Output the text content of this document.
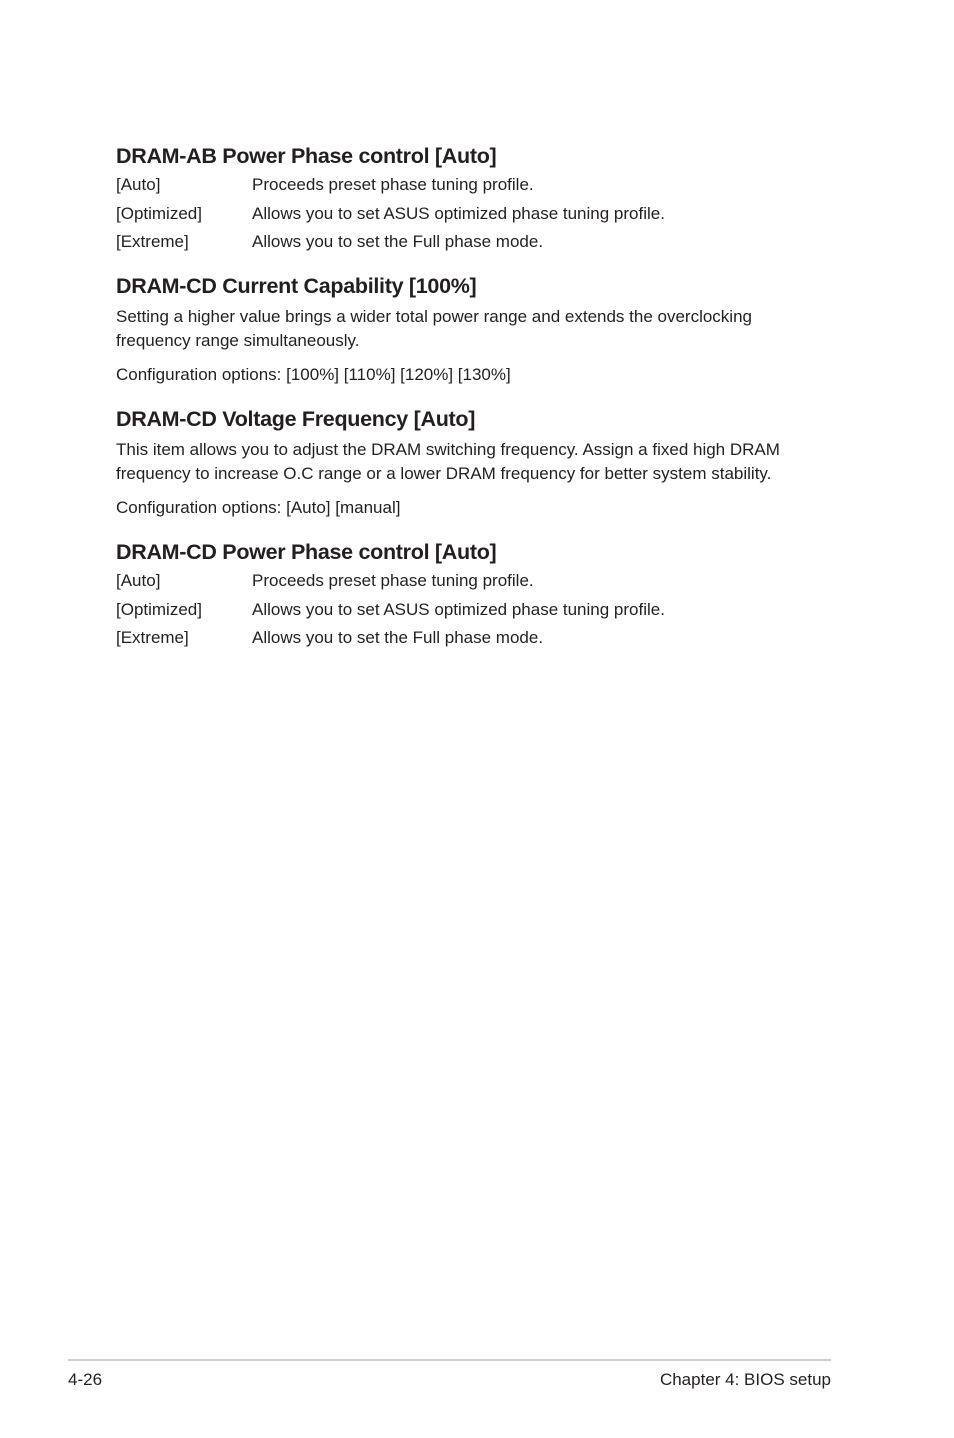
DRAM-AB Power Phase control [Auto]
[Auto]	Proceeds preset phase tuning profile.
[Optimized]	Allows you to set ASUS optimized phase tuning profile.
[Extreme]	Allows you to set the Full phase mode.
DRAM-CD Current Capability [100%]

Setting a higher value brings a wider total power range and extends the overclocking frequency range simultaneously.

Configuration options: [100%] [110%] [120%] [130%]

DRAM-CD Voltage Frequency [Auto]

This item allows you to adjust the DRAM switching frequency. Assign a fixed high DRAM frequency to increase O.C range or a lower DRAM frequency for better system stability.

Configuration options: [Auto] [manual]

DRAM-CD Power Phase control [Auto]
[Auto]	Proceeds preset phase tuning profile.
[Optimized]	Allows you to set ASUS optimized phase tuning profile.
[Extreme]	Allows you to set the Full phase mode.
4-26	Chapter 4: BIOS setup
